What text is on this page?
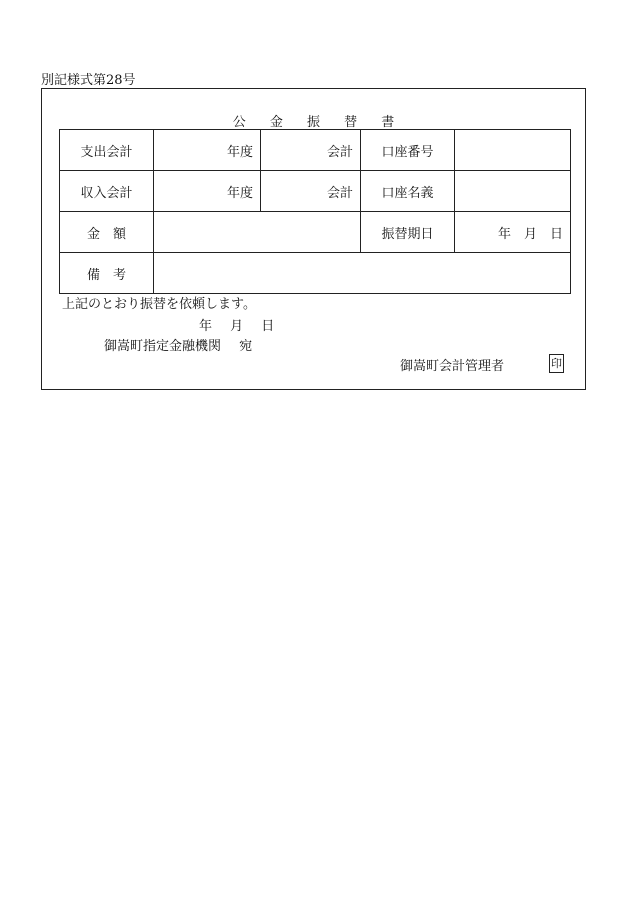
別記様式第28号
公 金 振 替 書
支出会計	年度	会計	口座番号	
収入会計	年度	会計	口座名義	
金　額			振替期日	年　月　日
備　考				
上記のとおり振替を依頼します。
年 月 日
御嵩町指定金融機関 宛
御嵩町会計管理者	印
